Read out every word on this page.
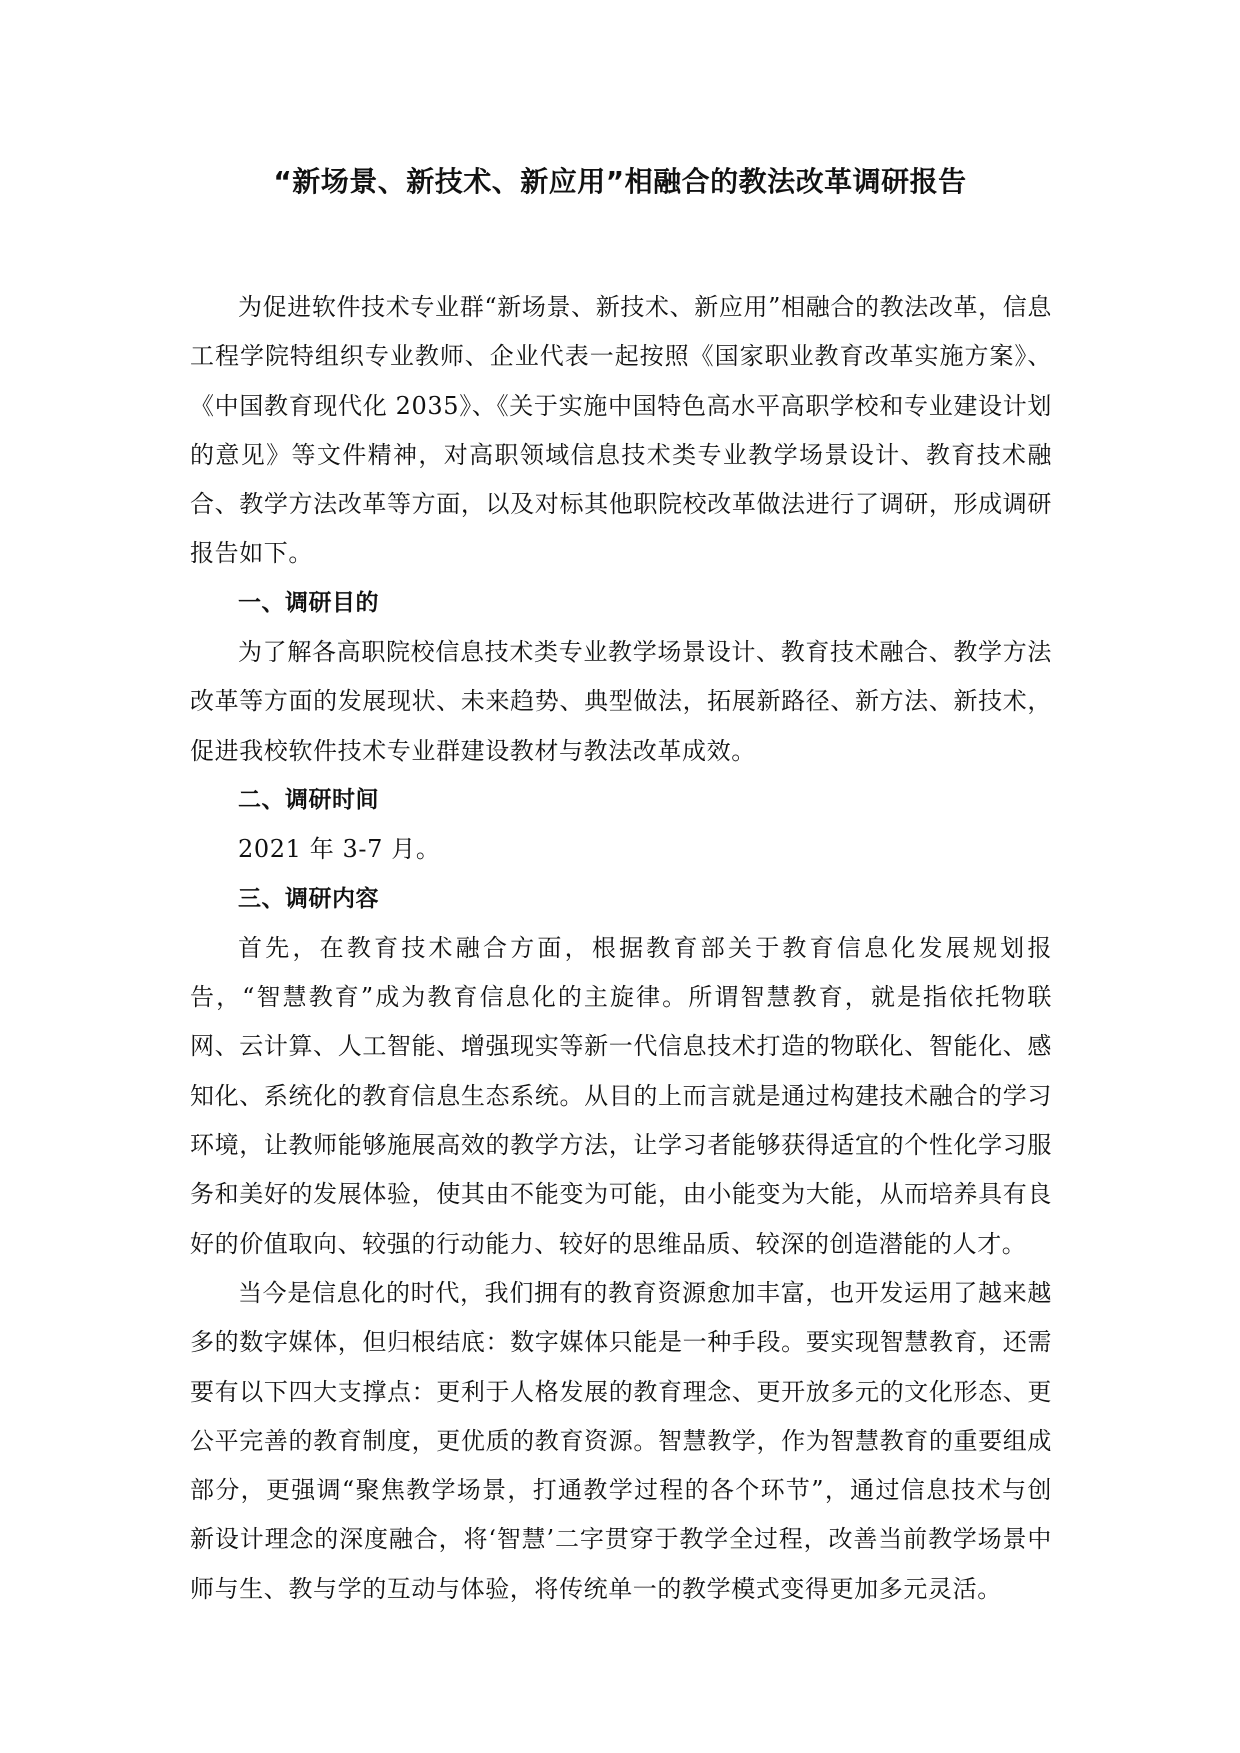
“新场景、新技术、新应用”相融合的教法改革调研报告

为促进软件技术专业群“新场景、新技术、新应用”相融合的教法改革，信息工程学院特组织专业教师、企业代表一起按照《国家职业教育改革实施方案》、《中国教育现代化 2035》、《关于实施中国特色高水平高职学校和专业建设计划的意见》等文件精神，对高职领域信息技术类专业教学场景设计、教育技术融合、教学方法改革等方面，以及对标其他职院校改革做法进行了调研，形成调研报告如下。

一、调研目的

为了解各高职院校信息技术类专业教学场景设计、教育技术融合、教学方法改革等方面的发展现状、未来趋势、典型做法，拓展新路径、新方法、新技术，促进我校软件技术专业群建设教材与教法改革成效。

二、调研时间

2021 年 3-7 月。

三、调研内容

首先，在教育技术融合方面，根据教育部关于教育信息化发展规划报告，“智慧教育”成为教育信息化的主旋律。所谓智慧教育，就是指依托物联网、云计算、人工智能、增强现实等新一代信息技术打造的物联化、智能化、感知化、系统化的教育信息生态系统。从目的上而言就是通过构建技术融合的学习环境，让教师能够施展高效的教学方法，让学习者能够获得适宜的个性化学习服务和美好的发展体验，使其由不能变为可能，由小能变为大能，从而培养具有良好的价值取向、较强的行动能力、较好的思维品质、较深的创造潜能的人才。

当今是信息化的时代，我们拥有的教育资源愈加丰富，也开发运用了越来越多的数字媒体，但归根结底：数字媒体只能是一种手段。要实现智慧教育，还需要有以下四大支撑点：更利于人格发展的教育理念、更开放多元的文化形态、更公平完善的教育制度，更优质的教育资源。智慧教学，作为智慧教育的重要组成部分，更强调“聚焦教学场景，打通教学过程的各个环节”，通过信息技术与创新设计理念的深度融合，将‘智慧’二字贯穿于教学全过程，改善当前教学场景中师与生、教与学的互动与体验，将传统单一的教学模式变得更加多元灵活。
